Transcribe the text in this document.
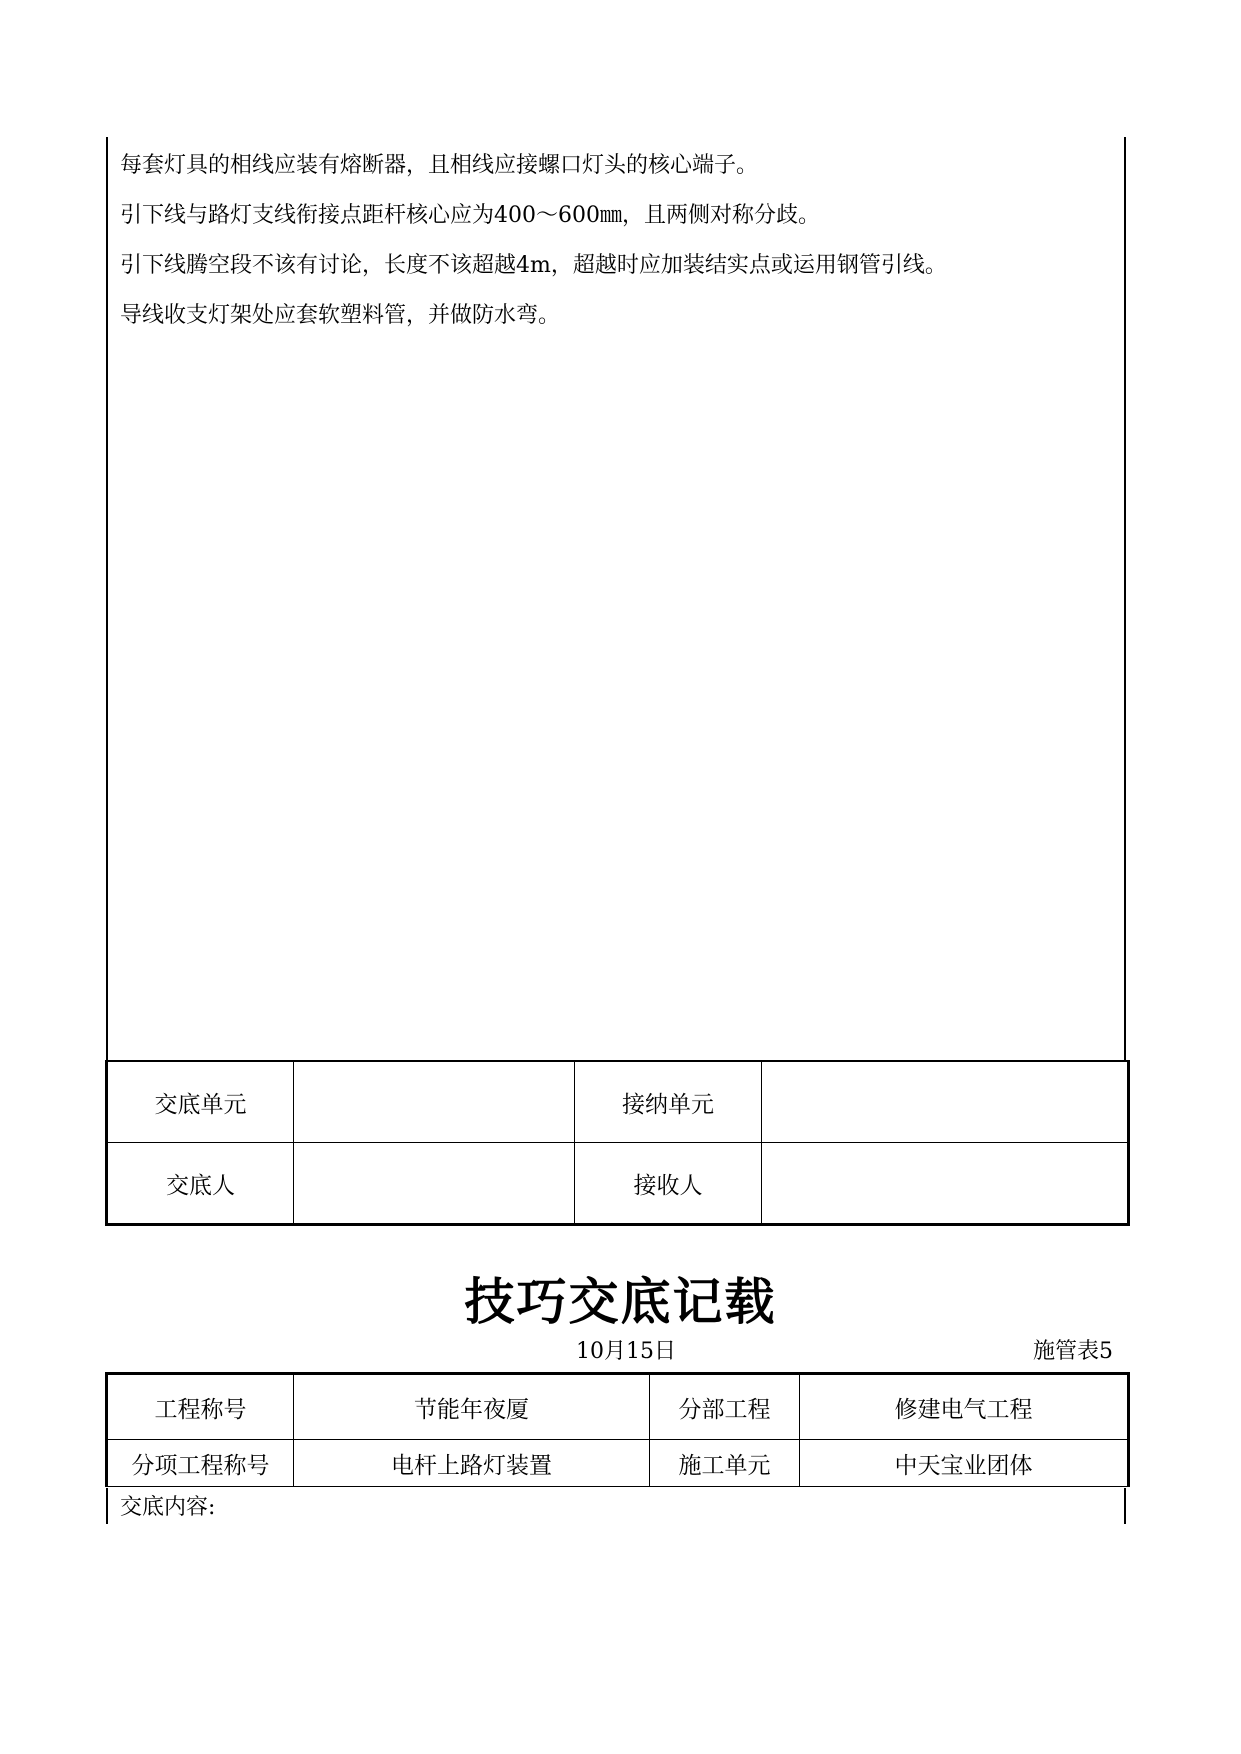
每套灯具的相线应装有熔断器，且相线应接螺口灯头的核心端子。
引下线与路灯支线衔接点距杆核心应为400～600㎜，且两侧对称分歧。
引下线腾空段不该有讨论，长度不该超越4m，超越时应加装结实点或运用钢管引线。
导线收支灯架处应套软塑料管，并做防水弯。
交底单元		接纳单元	
交底人		接收人	
技巧交底记载
10月15日	施管表5
工程称号	节能年夜厦	分部工程	修建电气工程
分项工程称号	电杆上路灯装置	施工单元	中天宝业团体
交底内容:
